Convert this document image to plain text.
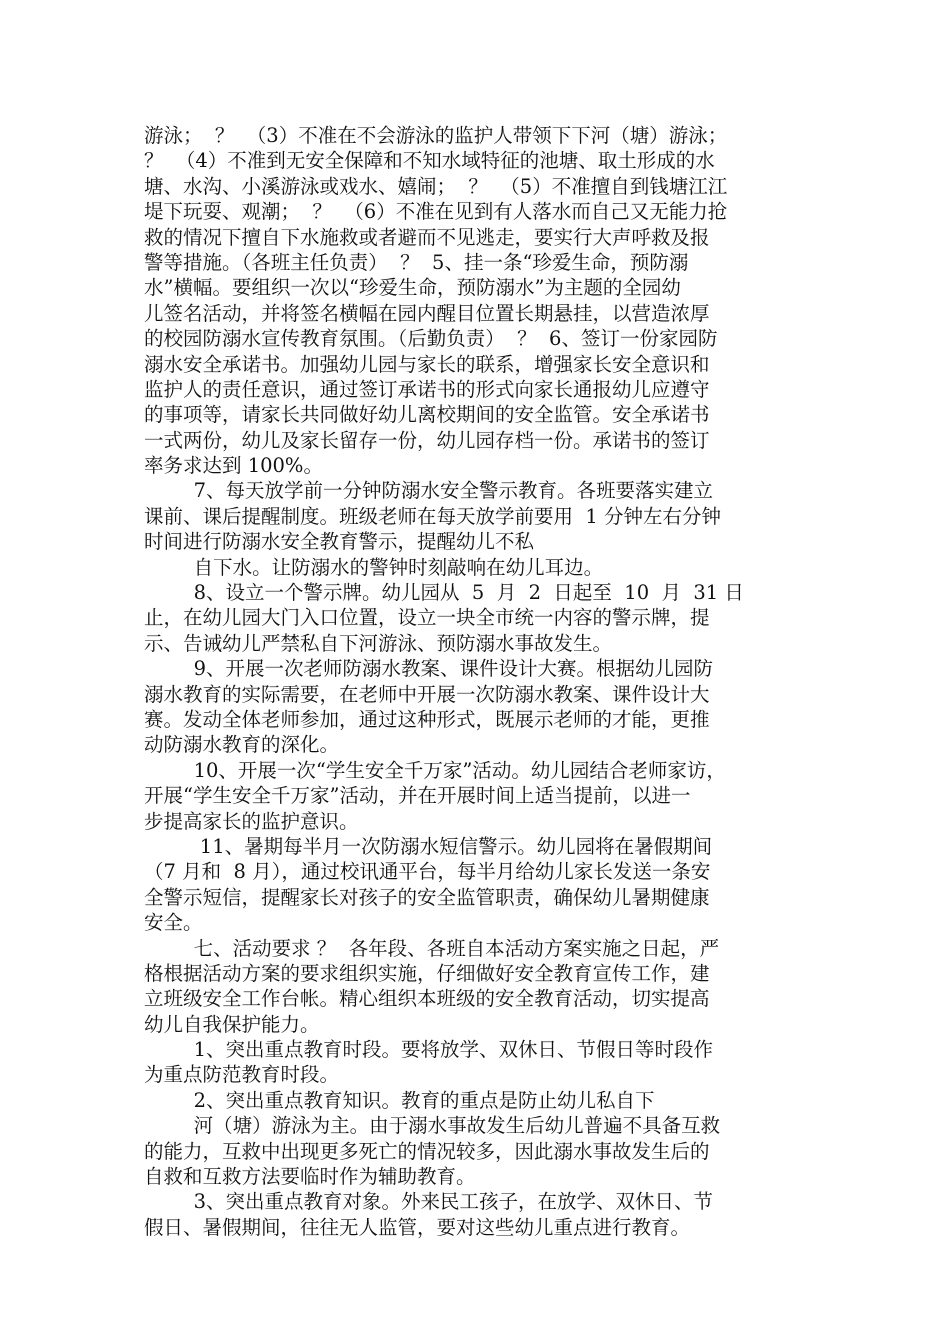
游泳；  ？  （3）不准在不会游泳的监护人带领下下河（塘）游泳；
？  （4）不准到无安全保障和不知水域特征的池塘、取土形成的水
塘、水沟、小溪游泳或戏水、嬉闹；  ？  （5）不准擅自到钱塘江江
堤下玩耍、观潮；  ？  （6）不准在见到有人落水而自己又无能力抢
救的情况下擅自下水施救或者避而不见逃走，要实行大声呼救及报
警等措施。（各班主任负责）  ？  5、挂一条“珍爱生命，预防溺
水”横幅。要组织一次以“珍爱生命，预防溺水”为主题的全园幼
儿签名活动，并将签名横幅在园内醒目位置长期悬挂，以营造浓厚
的校园防溺水宣传教育氛围。（后勤负责）  ？  6、签订一份家园防
溺水安全承诺书。加强幼儿园与家长的联系，增强家长安全意识和
监护人的责任意识，通过签订承诺书的形式向家长通报幼儿应遵守
的事项等，请家长共同做好幼儿离校期间的安全监管。安全承诺书
一式两份，幼儿及家长留存一份，幼儿园存档一份。承诺书的签订
率务求达到 100%。
7、每天放学前一分钟防溺水安全警示教育。各班要落实建立
课前、课后提醒制度。班级老师在每天放学前要用  1 分钟左右分钟
时间进行防溺水安全教育警示，提醒幼儿不私
自下水。让防溺水的警钟时刻敲响在幼儿耳边。
8、设立一个警示牌。幼儿园从  5  月  2  日起至  10  月  31 日
止，在幼儿园大门入口位置，设立一块全市统一内容的警示牌，提
示、告诫幼儿严禁私自下河游泳、预防溺水事故发生。
9、开展一次老师防溺水教案、课件设计大赛。根据幼儿园防
溺水教育的实际需要，在老师中开展一次防溺水教案、课件设计大
赛。发动全体老师参加，通过这种形式，既展示老师的才能，更推
动防溺水教育的深化。
10、开展一次“学生安全千万家”活动。幼儿园结合老师家访，
开展“学生安全千万家”活动，并在开展时间上适当提前，以进一
步提高家长的监护意识。
11、暑期每半月一次防溺水短信警示。幼儿园将在暑假期间
（7 月和  8 月），通过校讯通平台，每半月给幼儿家长发送一条安
全警示短信，提醒家长对孩子的安全监管职责，确保幼儿暑期健康
安全。
七、活动要求 ？  各年段、各班自本活动方案实施之日起，严
格根据活动方案的要求组织实施，仔细做好安全教育宣传工作，建
立班级安全工作台帐。精心组织本班级的安全教育活动，切实提高
幼儿自我保护能力。
1、突出重点教育时段。要将放学、双休日、节假日等时段作
为重点防范教育时段。
2、突出重点教育知识。教育的重点是防止幼儿私自下
河（塘）游泳为主。由于溺水事故发生后幼儿普遍不具备互救
的能力，互救中出现更多死亡的情况较多，因此溺水事故发生后的
自救和互救方法要临时作为辅助教育。
3、突出重点教育对象。外来民工孩子，在放学、双休日、节
假日、暑假期间，往往无人监管，要对这些幼儿重点进行教育。
